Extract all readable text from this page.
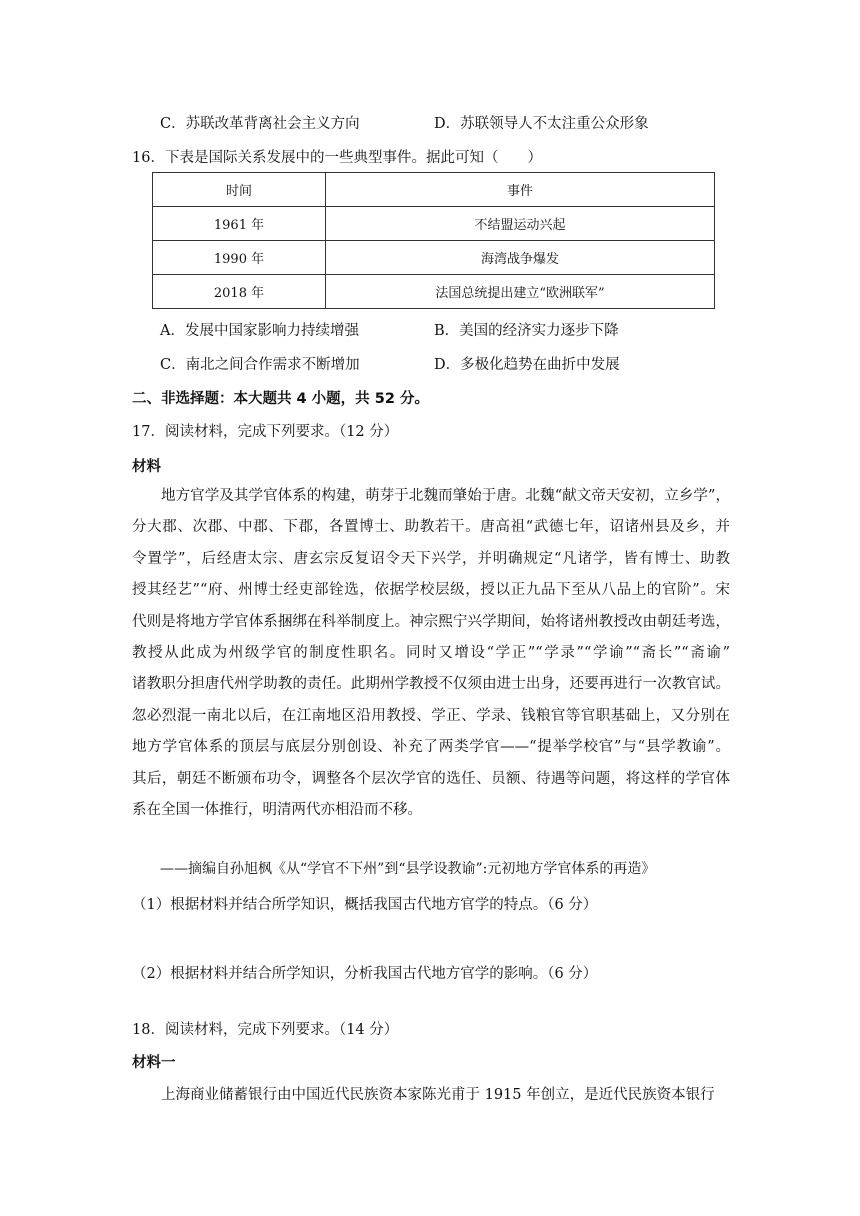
C．苏联改革背离社会主义方向	D．苏联领导人不太注重公众形象
16．下表是国际关系发展中的一些典型事件。据此可知（　　）
时间	事件
1961 年	不结盟运动兴起
1990 年	海湾战争爆发
2018 年	法国总统提出建立“欧洲联军”
A．发展中国家影响力持续增强	B．美国的经济实力逐步下降
C．南北之间合作需求不断增加	D．多极化趋势在曲折中发展
二、非选择题：本大题共 4 小题，共 52 分。
17．阅读材料，完成下列要求。（12 分）
材料

地方官学及其学官体系的构建，萌芽于北魏而肇始于唐。北魏“献文帝天安初，立乡学”，

分大郡、次郡、中郡、下郡，各置博士、助教若干。唐高祖“武德七年，诏诸州县及乡，并

令置学”，后经唐太宗、唐玄宗反复诏令天下兴学，并明确规定“凡诸学，皆有博士、助教

授其经艺”“府、州博士经吏部铨选，依据学校层级，授以正九品下至从八品上的官阶”。宋

代则是将地方学官体系捆绑在科举制度上。神宗熙宁兴学期间，始将诸州教授改由朝廷考选，

教授从此成为州级学官的制度性职名。同时又增设“学正”“学录”“学谕”“斋长”“斋谕”

诸教职分担唐代州学助教的责任。此期州学教授不仅须由进士出身，还要再进行一次教官试。

忽必烈混一南北以后，在江南地区沿用教授、学正、学录、钱粮官等官职基础上，又分别在

地方学官体系的顶层与底层分别创设、补充了两类学官——“提举学校官”与“县学教谕”。

其后，朝廷不断颁布功令，调整各个层次学官的选任、员额、待遇等问题，将这样的学官体

系在全国一体推行，明清两代亦相沿而不移。

——摘编自孙旭枫《从“学官不下州”到“县学设教谕”:元初地方学官体系的再造》
（1）根据材料并结合所学知识，概括我国古代地方官学的特点。（6 分）
（2）根据材料并结合所学知识，分析我国古代地方官学的影响。（6 分）
18．阅读材料，完成下列要求。（14 分）
材料一
上海商业储蓄银行由中国近代民族资本家陈光甫于 1915 年创立，是近代民族资本银行
